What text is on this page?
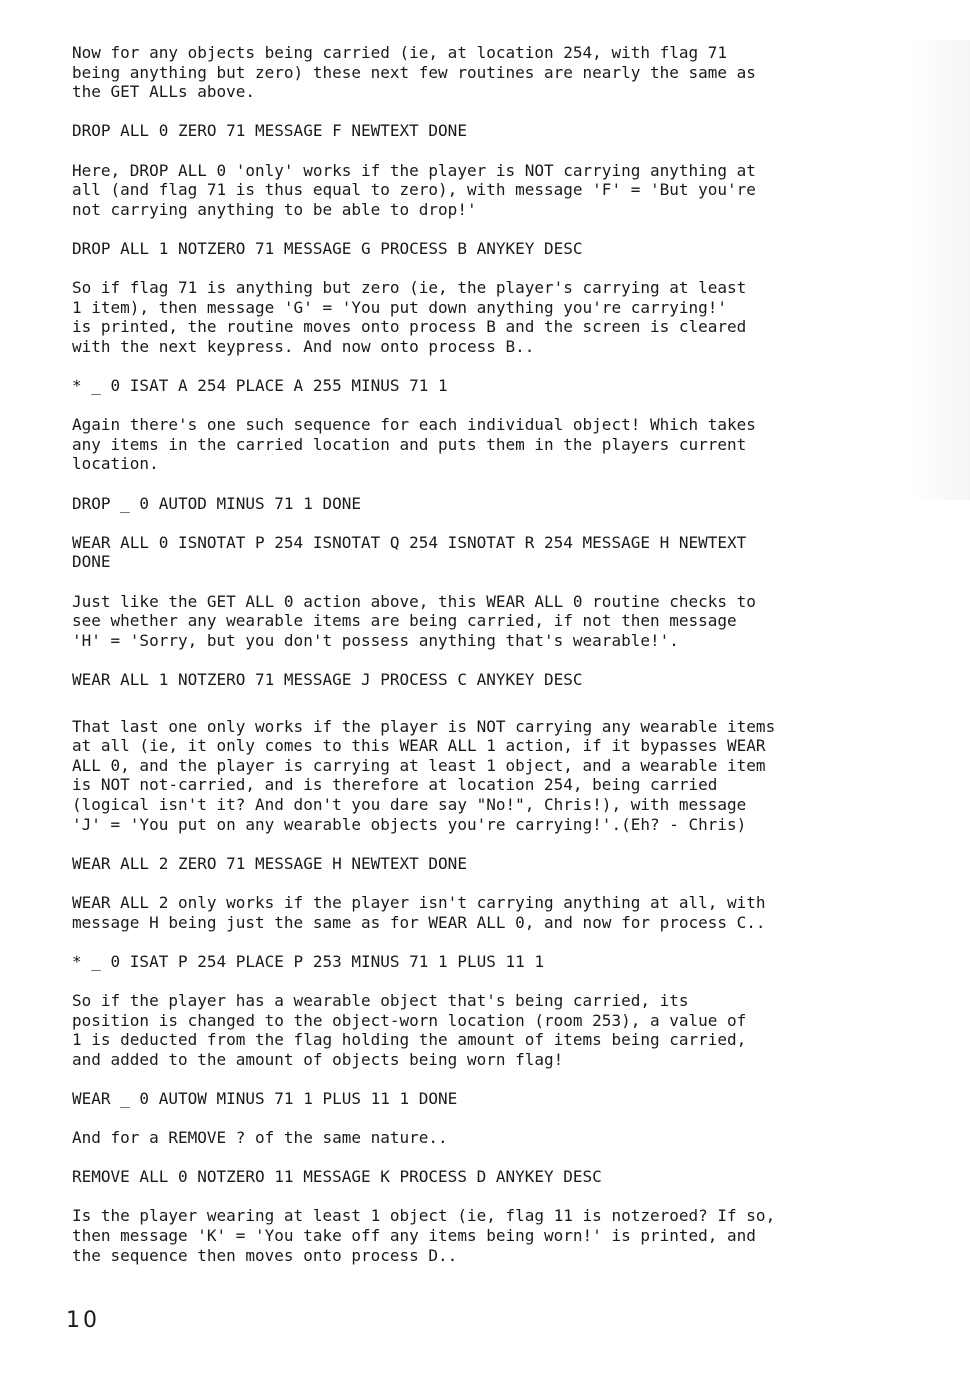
Now for any objects being carried (ie, at location 254, with flag 71
being anything but zero) these next few routines are nearly the same as
the GET ALLs above.

DROP ALL 0 ZERO 71 MESSAGE F NEWTEXT DONE

Here, DROP ALL 0 'only' works if the player is NOT carrying anything at
all (and flag 71 is thus equal to zero), with message 'F' = 'But you're
not carrying anything to be able to drop!'

DROP ALL 1 NOTZERO 71 MESSAGE G PROCESS B ANYKEY DESC

So if flag 71 is anything but zero (ie, the player's carrying at least
1 item), then message 'G' = 'You put down anything you're carrying!'
is printed, the routine moves onto process B and the screen is cleared
with the next keypress. And now onto process B..

* _ 0 ISAT A 254 PLACE A 255 MINUS 71 1

Again there's one such sequence for each individual object! Which takes
any items in the carried location and puts them in the players current
location.

DROP _ 0 AUTOD MINUS 71 1 DONE

WEAR ALL 0 ISNOTAT P 254 ISNOTAT Q 254 ISNOTAT R 254 MESSAGE H NEWTEXT
DONE

Just like the GET ALL 0 action above, this WEAR ALL 0 routine checks to
see whether any wearable items are being carried, if not then message
'H' = 'Sorry, but you don't possess anything that's wearable!'.

WEAR ALL 1 NOTZERO 71 MESSAGE J PROCESS C ANYKEY DESC

That last one only works if the player is NOT carrying any wearable items
at all (ie, it only comes to this WEAR ALL 1 action, if it bypasses WEAR
ALL 0, and the player is carrying at least 1 object, and a wearable item
is NOT not-carried, and is therefore at location 254, being carried
(logical isn't it? And don't you dare say "No!", Chris!), with message
'J' = 'You put on any wearable objects you're carrying!'.(Eh? - Chris)

WEAR ALL 2 ZERO 71 MESSAGE H NEWTEXT DONE

WEAR ALL 2 only works if the player isn't carrying anything at all, with
message H being just the same as for WEAR ALL 0, and now for process C..

* _ 0 ISAT P 254 PLACE P 253 MINUS 71 1 PLUS 11 1

So if the player has a wearable object that's being carried, its
position is changed to the object-worn location (room 253), a value of
1 is deducted from the flag holding the amount of items being carried,
and added to the amount of objects being worn flag!

WEAR _ 0 AUTOW MINUS 71 1 PLUS 11 1 DONE

And for a REMOVE ? of the same nature..

REMOVE ALL 0 NOTZERO 11 MESSAGE K PROCESS D ANYKEY DESC

Is the player wearing at least 1 object (ie, flag 11 is notzeroed? If so,
then message 'K' = 'You take off any items being worn!' is printed, and
the sequence then moves onto process D..

10
